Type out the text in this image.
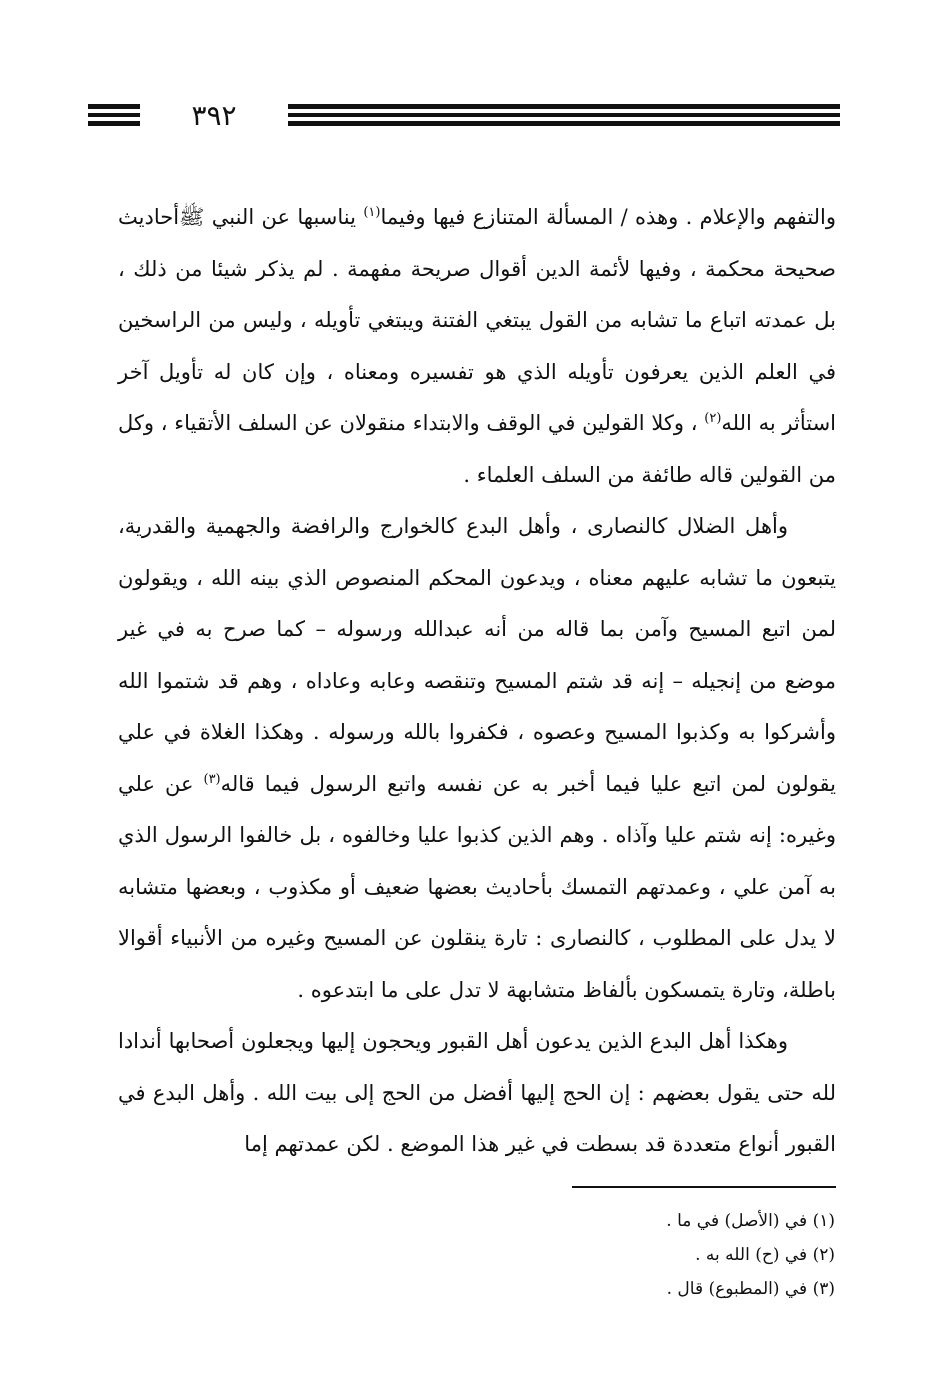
٣٩٢

والتفهم والإعلام . وهذه / المسألة المتنازع فيها وفيما$^{(١)}$ يناسبها عن النبي ﷺأحاديث صحيحة محكمة ، وفيها لأئمة الدين أقوال صريحة مفهمة . لم يذكر شيئا من ذلك ، بل عمدته اتباع ما تشابه من القول يبتغي الفتنة ويبتغي تأويله ، وليس من الراسخين في العلم الذين يعرفون تأويله الذي هو تفسيره ومعناه ، وإن كان له تأويل آخر استأثر به الله$^{(٢)}$ ، وكلا القولين في الوقف والابتداء منقولان عن السلف الأتقياء ، وكل من القولين قاله طائفة من السلف العلماء .

وأهل الضلال كالنصارى ، وأهل البدع كالخوارج والرافضة والجهمية والقدرية، يتبعون ما تشابه عليهم معناه ، ويدعون المحكم المنصوص الذي بينه الله ، ويقولون لمن اتبع المسيح وآمن بما قاله من أنه عبدالله ورسوله – كما صرح به في غير موضع من إنجيله – إنه قد شتم المسيح وتنقصه وعابه وعاداه ، وهم قد شتموا الله وأشركوا به وكذبوا المسيح وعصوه ، فكفروا بالله ورسوله . وهكذا الغلاة في علي يقولون لمن اتبع عليا فيما أخبر به عن نفسه واتبع الرسول فيما قاله$^{(٣)}$ عن علي وغيره: إنه شتم عليا وآذاه . وهم الذين كذبوا عليا وخالفوه ، بل خالفوا الرسول الذي به آمن علي ، وعمدتهم التمسك بأحاديث بعضها ضعيف أو مكذوب ، وبعضها متشابه لا يدل على المطلوب ، كالنصارى : تارة ينقلون عن المسيح وغيره من الأنبياء أقوالا باطلة، وتارة يتمسكون بألفاظ متشابهة لا تدل على ما ابتدعوه .

وهكذا أهل البدع الذين يدعون أهل القبور ويحجون إليها ويجعلون أصحابها أندادا لله حتى يقول بعضهم : إن الحج إليها أفضل من الحج إلى بيت الله . وأهل البدع في القبور أنواع متعددة قد بسطت في غير هذا الموضع . لكن عمدتهم إما

(١) في (الأصل) في ما .
(٢) في (ح) الله به .
(٣) في (المطبوع) قال .
